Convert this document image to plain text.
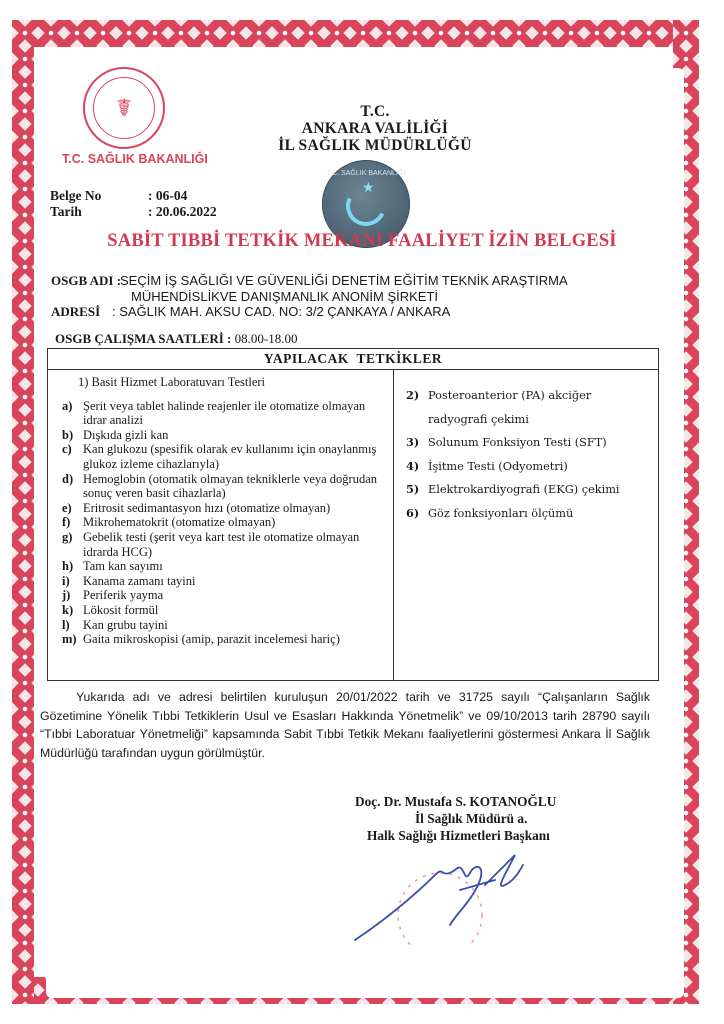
☤
T.C. SAĞLIK BAKANLIĞI
T.C.
ANKARA VALİLİĞİ
İL SAĞLIK MÜDÜRLÜĞÜ
T.C. SAĞLIK BAKANLIĞI
★
Belge No	: 06-04
Tarih	: 20.06.2022
SABİT TIBBİ TETKİK MEKANI FAALİYET İZİN BELGESİ
OSGB ADI :
SEÇİM İŞ SAĞLIĞI VE GÜVENLİĞİ DENETİM EĞİTİM TEKNİK ARAŞTIRMA
MÜHENDİSLİKVE DANIŞMANLIK ANONİM ŞİRKETİ
ADRESİ : SAĞLIK MAH. AKSU CAD. NO: 3/2 ÇANKAYA / ANKARA
OSGB ÇALIŞMA SAATLERİ : 08.00-18.00
YAPILACAK TETKİKLER
1) Basit Hizmet Laboratuvarı Testleri
a) Şerit veya tablet halinde reajenler ile otomatize olmayan idrar analizi
b) Dışkıda gizli kan
c) Kan glukozu (spesifik olarak ev kullanımı için onaylanmış glukoz izleme cihazlarıyla)
d) Hemoglobin (otomatik olmayan tekniklerle veya doğrudan sonuç veren basit cihazlarla)
e) Eritrosit sedimantasyon hızı (otomatize olmayan)
f)	Mikrohematokrit (otomatize olmayan)
g) Gebelik testi (şerit veya kart test ile otomatize olmayan idrarda HCG)
h) Tam kan sayımı
i)	Kanama zamanı tayini
j)	Periferik yayma
k) Lökosit formül
l)	Kan grubu tayini
m) Gaita mikroskopisi (amip, parazit incelemesi hariç)
2) Posteroanterior (PA) akciğer radyografi çekimi
3) Solunum Fonksiyon Testi (SFT)
4) İşitme Testi (Odyometri)
5) Elektrokardiyografi (EKG) çekimi
6) Göz fonksiyonları ölçümü
Yukarıda adı ve adresi belirtilen kuruluşun 20/01/2022 tarih ve 31725 sayılı “Çalışanların Sağlık Gözetimine Yönelik Tıbbi Tetkiklerin Usul ve Esasları Hakkında Yönetmelik” ve 09/10/2013 tarih 28790 sayılı “Tıbbi Laboratuar Yönetmeliği” kapsamında Sabit Tıbbi Tetkik Mekanı faaliyetlerini göstermesi Ankara İl Sağlık Müdürlüğü tarafından uygun görülmüştür.
Doç. Dr. Mustafa S. KOTANOĞLU
İl Sağlık Müdürü a.
Halk Sağlığı Hizmetleri Başkanı
